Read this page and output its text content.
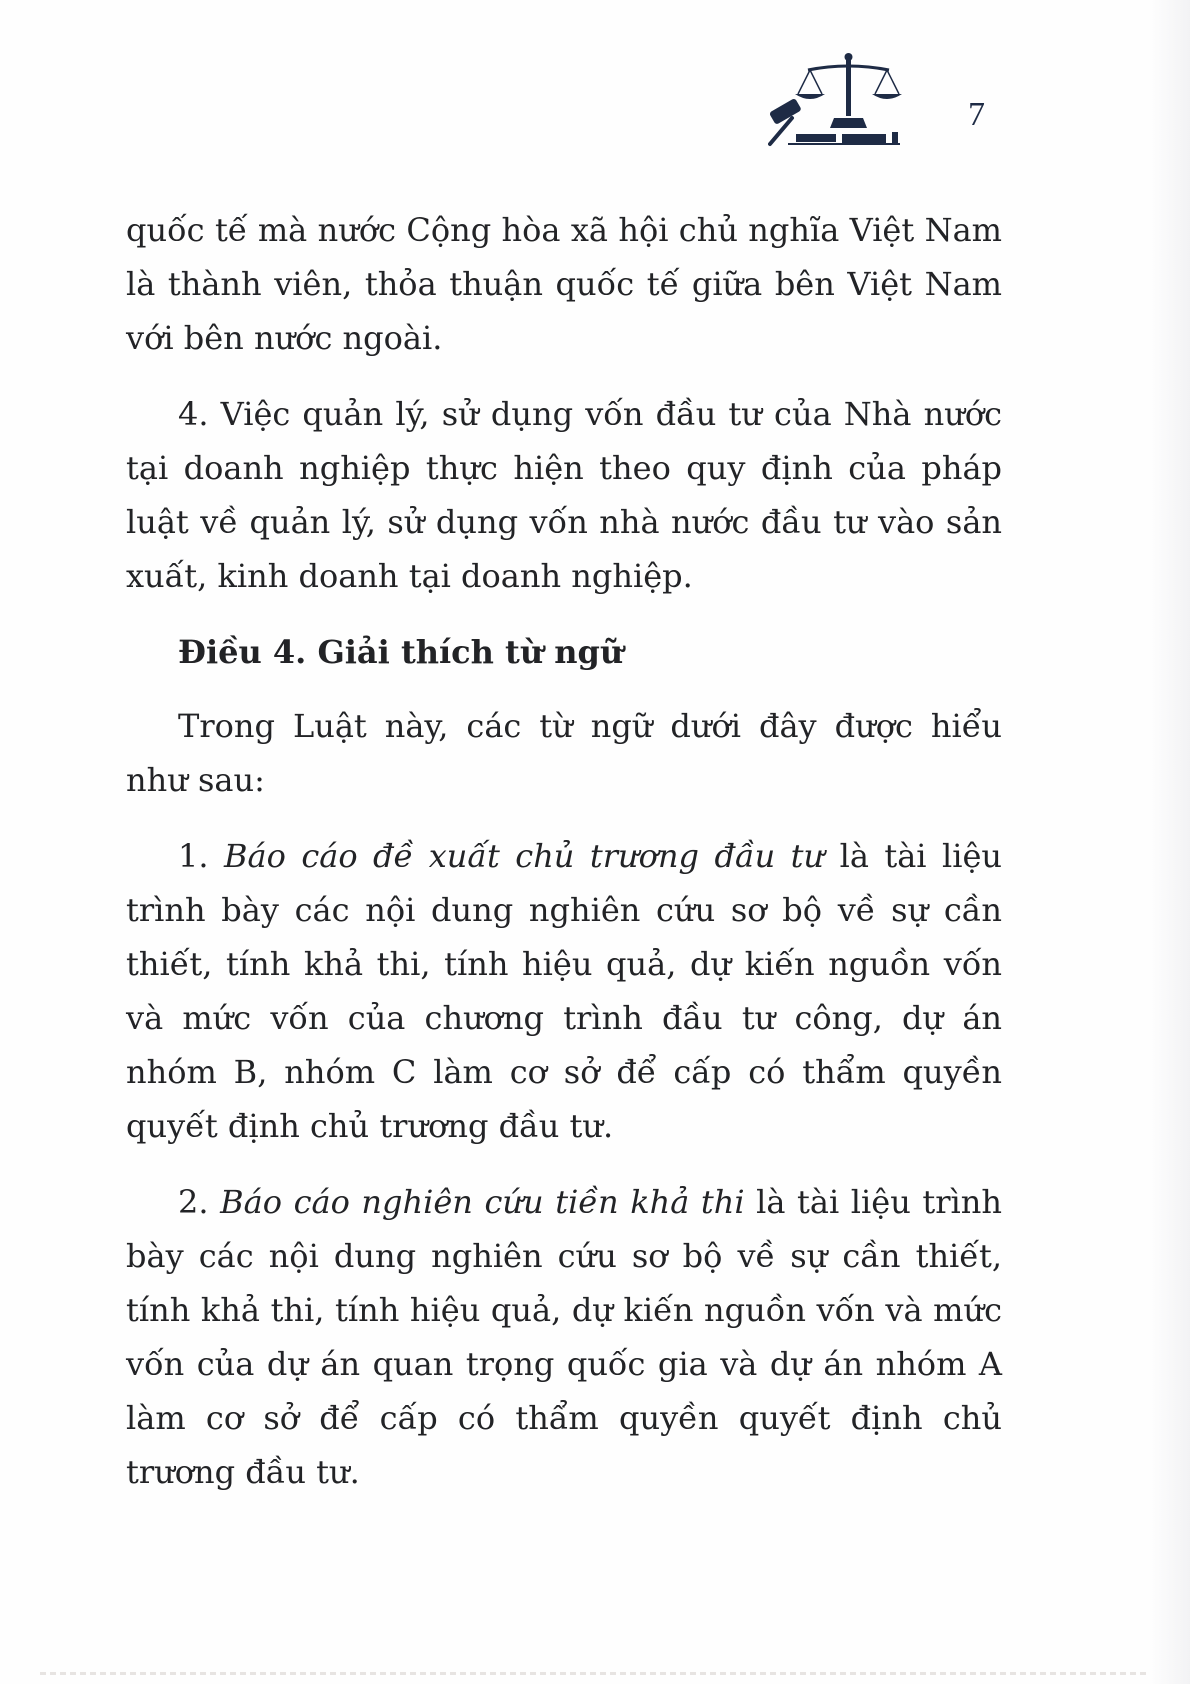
7

quốc tế mà nước Cộng hòa xã hội chủ nghĩa Việt Nam là thành viên, thỏa thuận quốc tế giữa bên Việt Nam với bên nước ngoài.

4. Việc quản lý, sử dụng vốn đầu tư của Nhà nước tại doanh nghiệp thực hiện theo quy định của pháp luật về quản lý, sử dụng vốn nhà nước đầu tư vào sản xuất, kinh doanh tại doanh nghiệp.

Điều 4. Giải thích từ ngữ

Trong Luật này, các từ ngữ dưới đây được hiểu như sau:

1. Báo cáo đề xuất chủ trương đầu tư là tài liệu trình bày các nội dung nghiên cứu sơ bộ về sự cần thiết, tính khả thi, tính hiệu quả, dự kiến nguồn vốn và mức vốn của chương trình đầu tư công, dự án nhóm B, nhóm C làm cơ sở để cấp có thẩm quyền quyết định chủ trương đầu tư.

2. Báo cáo nghiên cứu tiền khả thi là tài liệu trình bày các nội dung nghiên cứu sơ bộ về sự cần thiết, tính khả thi, tính hiệu quả, dự kiến nguồn vốn và mức vốn của dự án quan trọng quốc gia và dự án nhóm A làm cơ sở để cấp có thẩm quyền quyết định chủ trương đầu tư.
